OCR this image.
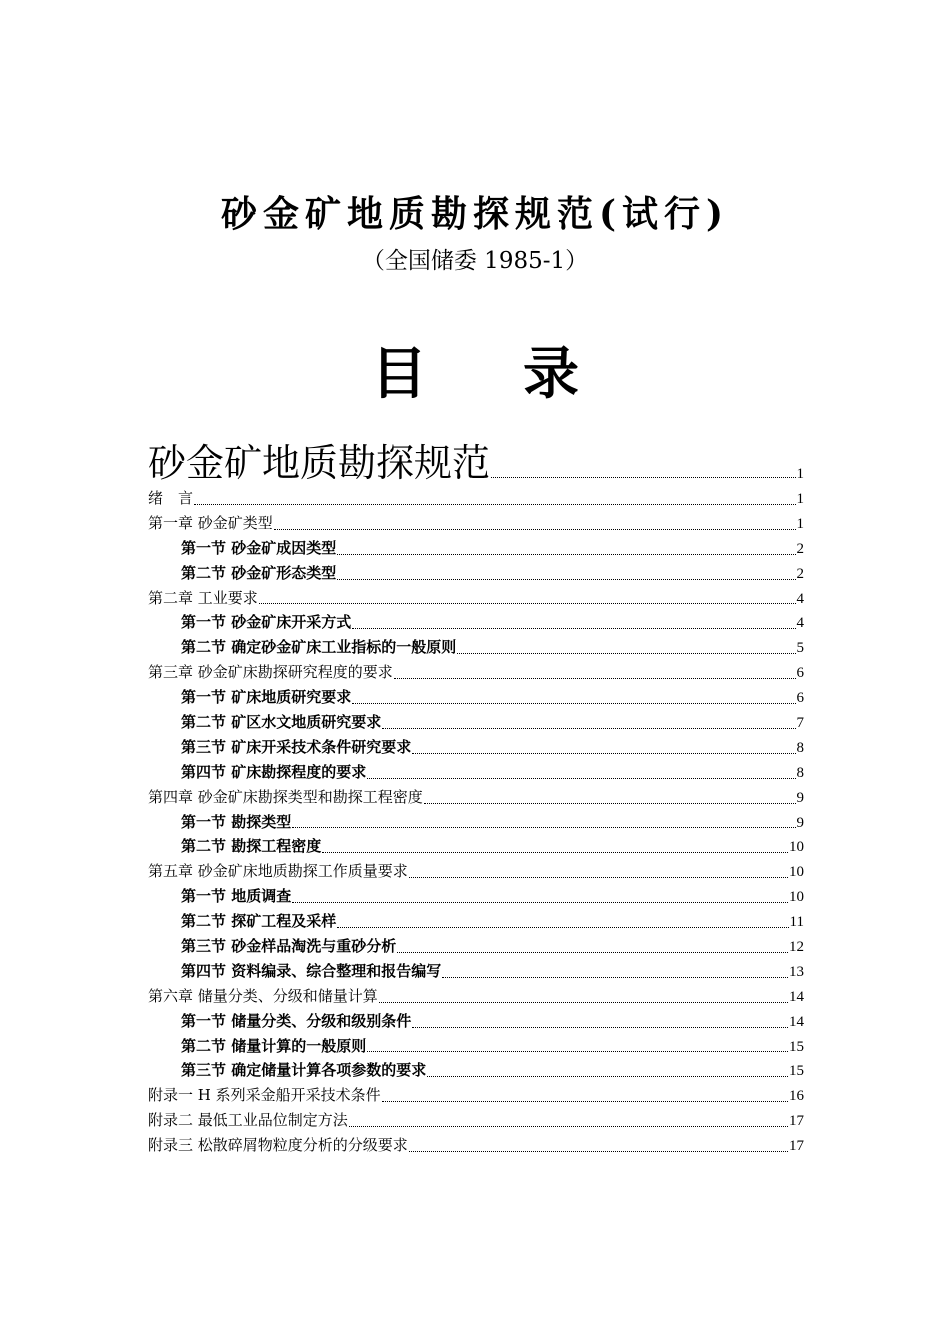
砂金矿地质勘探规范(试行)
（全国储委 1985-1）
目 录
砂金矿地质勘探规范	1
绪　言	1
第一章 砂金矿类型	1
第一节 砂金矿成因类型	2
第二节 砂金矿形态类型	2
第二章 工业要求	4
第一节 砂金矿床开采方式	4
第二节 确定砂金矿床工业指标的一般原则	5
第三章 砂金矿床勘探研究程度的要求	6
第一节 矿床地质研究要求	6
第二节 矿区水文地质研究要求	7
第三节 矿床开采技术条件研究要求	8
第四节 矿床勘探程度的要求	8
第四章 砂金矿床勘探类型和勘探工程密度	9
第一节 勘探类型	9
第二节 勘探工程密度	10
第五章 砂金矿床地质勘探工作质量要求	10
第一节 地质调查	10
第二节 探矿工程及采样	11
第三节 砂金样品淘洗与重砂分析	12
第四节 资料编录、综合整理和报告编写	13
第六章 储量分类、分级和储量计算	14
第一节 储量分类、分级和级别条件	14
第二节 储量计算的一般原则	15
第三节 确定储量计算各项参数的要求	15
附录一 H 系列采金船开采技术条件	16
附录二 最低工业品位制定方法	17
附录三 松散碎屑物粒度分析的分级要求	17
